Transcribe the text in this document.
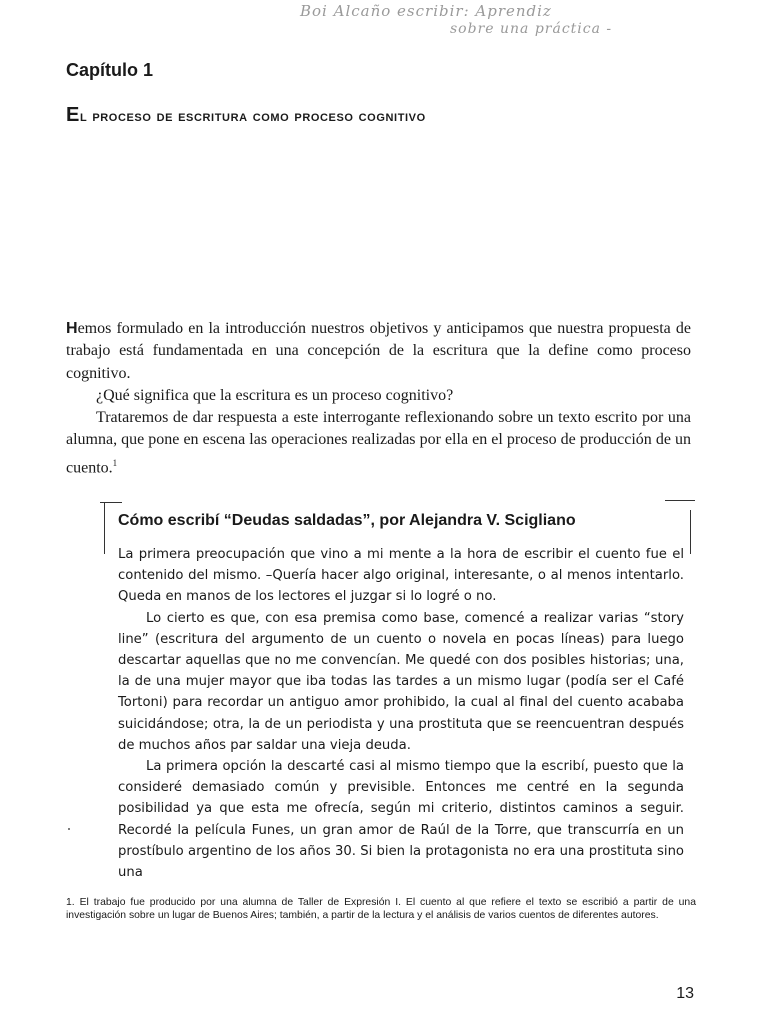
Boi Alcaño escribir: Aprendiz
sobre una práctica -
Capítulo 1
El proceso de escritura como proceso cognitivo

Hemos formulado en la introducción nuestros objetivos y anticipamos que nuestra propuesta de trabajo está fundamentada en una concepción de la escritura que la define como proceso cognitivo.

¿Qué significa que la escritura es un proceso cognitivo?

Trataremos de dar respuesta a este interrogante reflexionando sobre un texto escrito por una alumna, que pone en escena las operaciones realizadas por ella en el proceso de producción de un cuento.$^1$

Cómo escribí “Deudas saldadas”, por Alejandra V. Scigliano

La primera preocupación que vino a mi mente a la hora de escribir el cuento fue el contenido del mismo. –Quería hacer algo original, interesante, o al menos intentarlo. Queda en manos de los lectores el juzgar si lo logré o no.

Lo cierto es que, con esa premisa como base, comencé a realizar varias “story line” (escritura del argumento de un cuento o novela en pocas líneas) para luego descartar aquellas que no me convencían. Me quedé con dos posibles historias; una, la de una mujer mayor que iba todas las tardes a un mismo lugar (podía ser el Café Tortoni) para recordar un antiguo amor prohibido, la cual al final del cuento acababa suicidándose; otra, la de un periodista y una prostituta que se reencuentran después de muchos años par saldar una vieja deuda.

La primera opción la descarté casi al mismo tiempo que la escribí, puesto que la consideré demasiado común y previsible. Entonces me centré en la segunda posibilidad ya que esta me ofrecía, según mi criterio, distintos caminos a seguir. Recordé la película Funes, un gran amor de Raúl de la Torre, que transcurría en un prostíbulo argentino de los años 30. Si bien la protagonista no era una prostituta sino una

1. El trabajo fue producido por una alumna de Taller de Expresión I. El cuento al que refiere el texto se escribió a partir de una investigación sobre un lugar de Buenos Aires; también, a partir de la lectura y el análisis de varios cuentos de diferentes autores.
13
